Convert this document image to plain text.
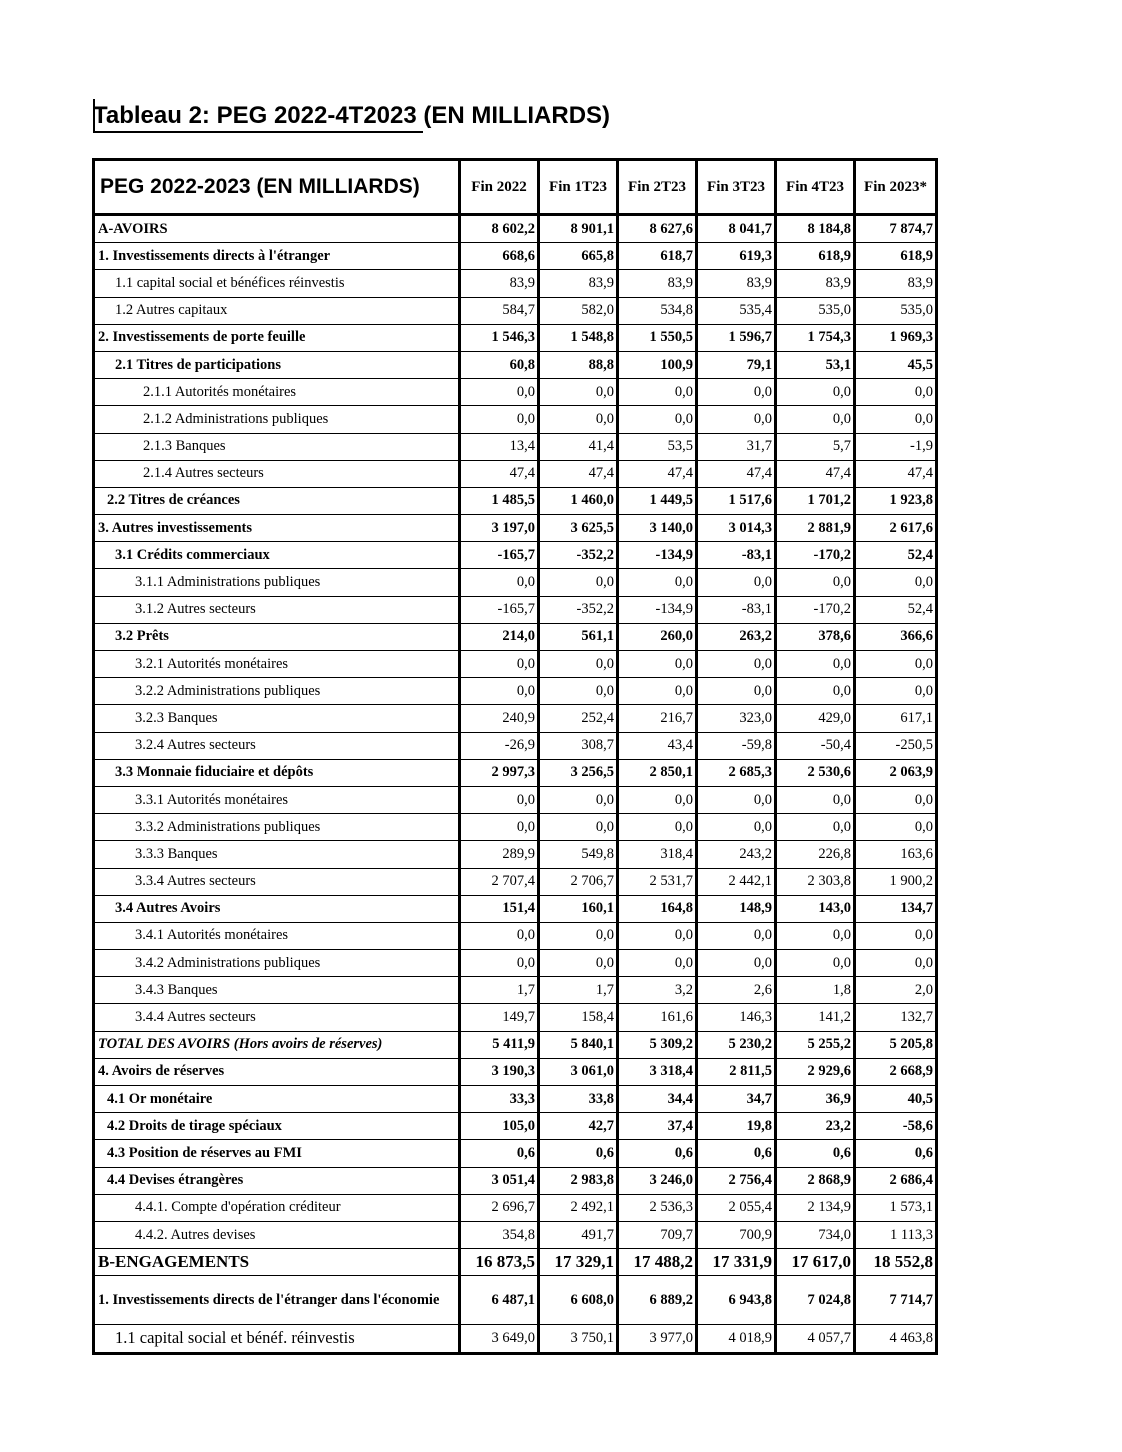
Tableau 2: PEG 2022-4T2023 (EN MILLIARDS)
PEG 2022-2023 (EN MILLIARDS)	Fin 2022	Fin 1T23	Fin 2T23	Fin 3T23	Fin 4T23	Fin 2023*
A-AVOIRS	8 602,2	8 901,1	8 627,6	8 041,7	8 184,8	7 874,7
1. Investissements directs à l'étranger	668,6	665,8	618,7	619,3	618,9	618,9
1.1 capital social et bénéfices réinvestis	83,9	83,9	83,9	83,9	83,9	83,9
1.2 Autres capitaux	584,7	582,0	534,8	535,4	535,0	535,0
2. Investissements de porte feuille	1 546,3	1 548,8	1 550,5	1 596,7	1 754,3	1 969,3
2.1 Titres de participations	60,8	88,8	100,9	79,1	53,1	45,5
2.1.1 Autorités monétaires	0,0	0,0	0,0	0,0	0,0	0,0
2.1.2 Administrations publiques	0,0	0,0	0,0	0,0	0,0	0,0
2.1.3 Banques	13,4	41,4	53,5	31,7	5,7	-1,9
2.1.4 Autres secteurs	47,4	47,4	47,4	47,4	47,4	47,4
2.2 Titres de créances	1 485,5	1 460,0	1 449,5	1 517,6	1 701,2	1 923,8
3. Autres investissements	3 197,0	3 625,5	3 140,0	3 014,3	2 881,9	2 617,6
3.1 Crédits commerciaux	-165,7	-352,2	-134,9	-83,1	-170,2	52,4
3.1.1 Administrations publiques	0,0	0,0	0,0	0,0	0,0	0,0
3.1.2 Autres secteurs	-165,7	-352,2	-134,9	-83,1	-170,2	52,4
3.2 Prêts	214,0	561,1	260,0	263,2	378,6	366,6
3.2.1 Autorités monétaires	0,0	0,0	0,0	0,0	0,0	0,0
3.2.2 Administrations publiques	0,0	0,0	0,0	0,0	0,0	0,0
3.2.3 Banques	240,9	252,4	216,7	323,0	429,0	617,1
3.2.4 Autres secteurs	-26,9	308,7	43,4	-59,8	-50,4	-250,5
3.3 Monnaie fiduciaire et dépôts	2 997,3	3 256,5	2 850,1	2 685,3	2 530,6	2 063,9
3.3.1 Autorités monétaires	0,0	0,0	0,0	0,0	0,0	0,0
3.3.2 Administrations publiques	0,0	0,0	0,0	0,0	0,0	0,0
3.3.3 Banques	289,9	549,8	318,4	243,2	226,8	163,6
3.3.4 Autres secteurs	2 707,4	2 706,7	2 531,7	2 442,1	2 303,8	1 900,2
3.4 Autres Avoirs	151,4	160,1	164,8	148,9	143,0	134,7
3.4.1 Autorités monétaires	0,0	0,0	0,0	0,0	0,0	0,0
3.4.2 Administrations publiques	0,0	0,0	0,0	0,0	0,0	0,0
3.4.3 Banques	1,7	1,7	3,2	2,6	1,8	2,0
3.4.4 Autres secteurs	149,7	158,4	161,6	146,3	141,2	132,7
TOTAL DES AVOIRS (Hors avoirs de réserves)	5 411,9	5 840,1	5 309,2	5 230,2	5 255,2	5 205,8
4. Avoirs de réserves	3 190,3	3 061,0	3 318,4	2 811,5	2 929,6	2 668,9
4.1 Or monétaire	33,3	33,8	34,4	34,7	36,9	40,5
4.2 Droits de tirage spéciaux	105,0	42,7	37,4	19,8	23,2	-58,6
4.3 Position de réserves au FMI	0,6	0,6	0,6	0,6	0,6	0,6
4.4 Devises étrangères	3 051,4	2 983,8	3 246,0	2 756,4	2 868,9	2 686,4
4.4.1. Compte d'opération créditeur	2 696,7	2 492,1	2 536,3	2 055,4	2 134,9	1 573,1
4.4.2. Autres devises	354,8	491,7	709,7	700,9	734,0	1 113,3
B-ENGAGEMENTS	16 873,5	17 329,1	17 488,2	17 331,9	17 617,0	18 552,8
1. Investissements directs de l'étranger dans l'économie	6 487,1	6 608,0	6 889,2	6 943,8	7 024,8	7 714,7
1.1 capital social et bénéf. réinvestis	3 649,0	3 750,1	3 977,0	4 018,9	4 057,7	4 463,8
